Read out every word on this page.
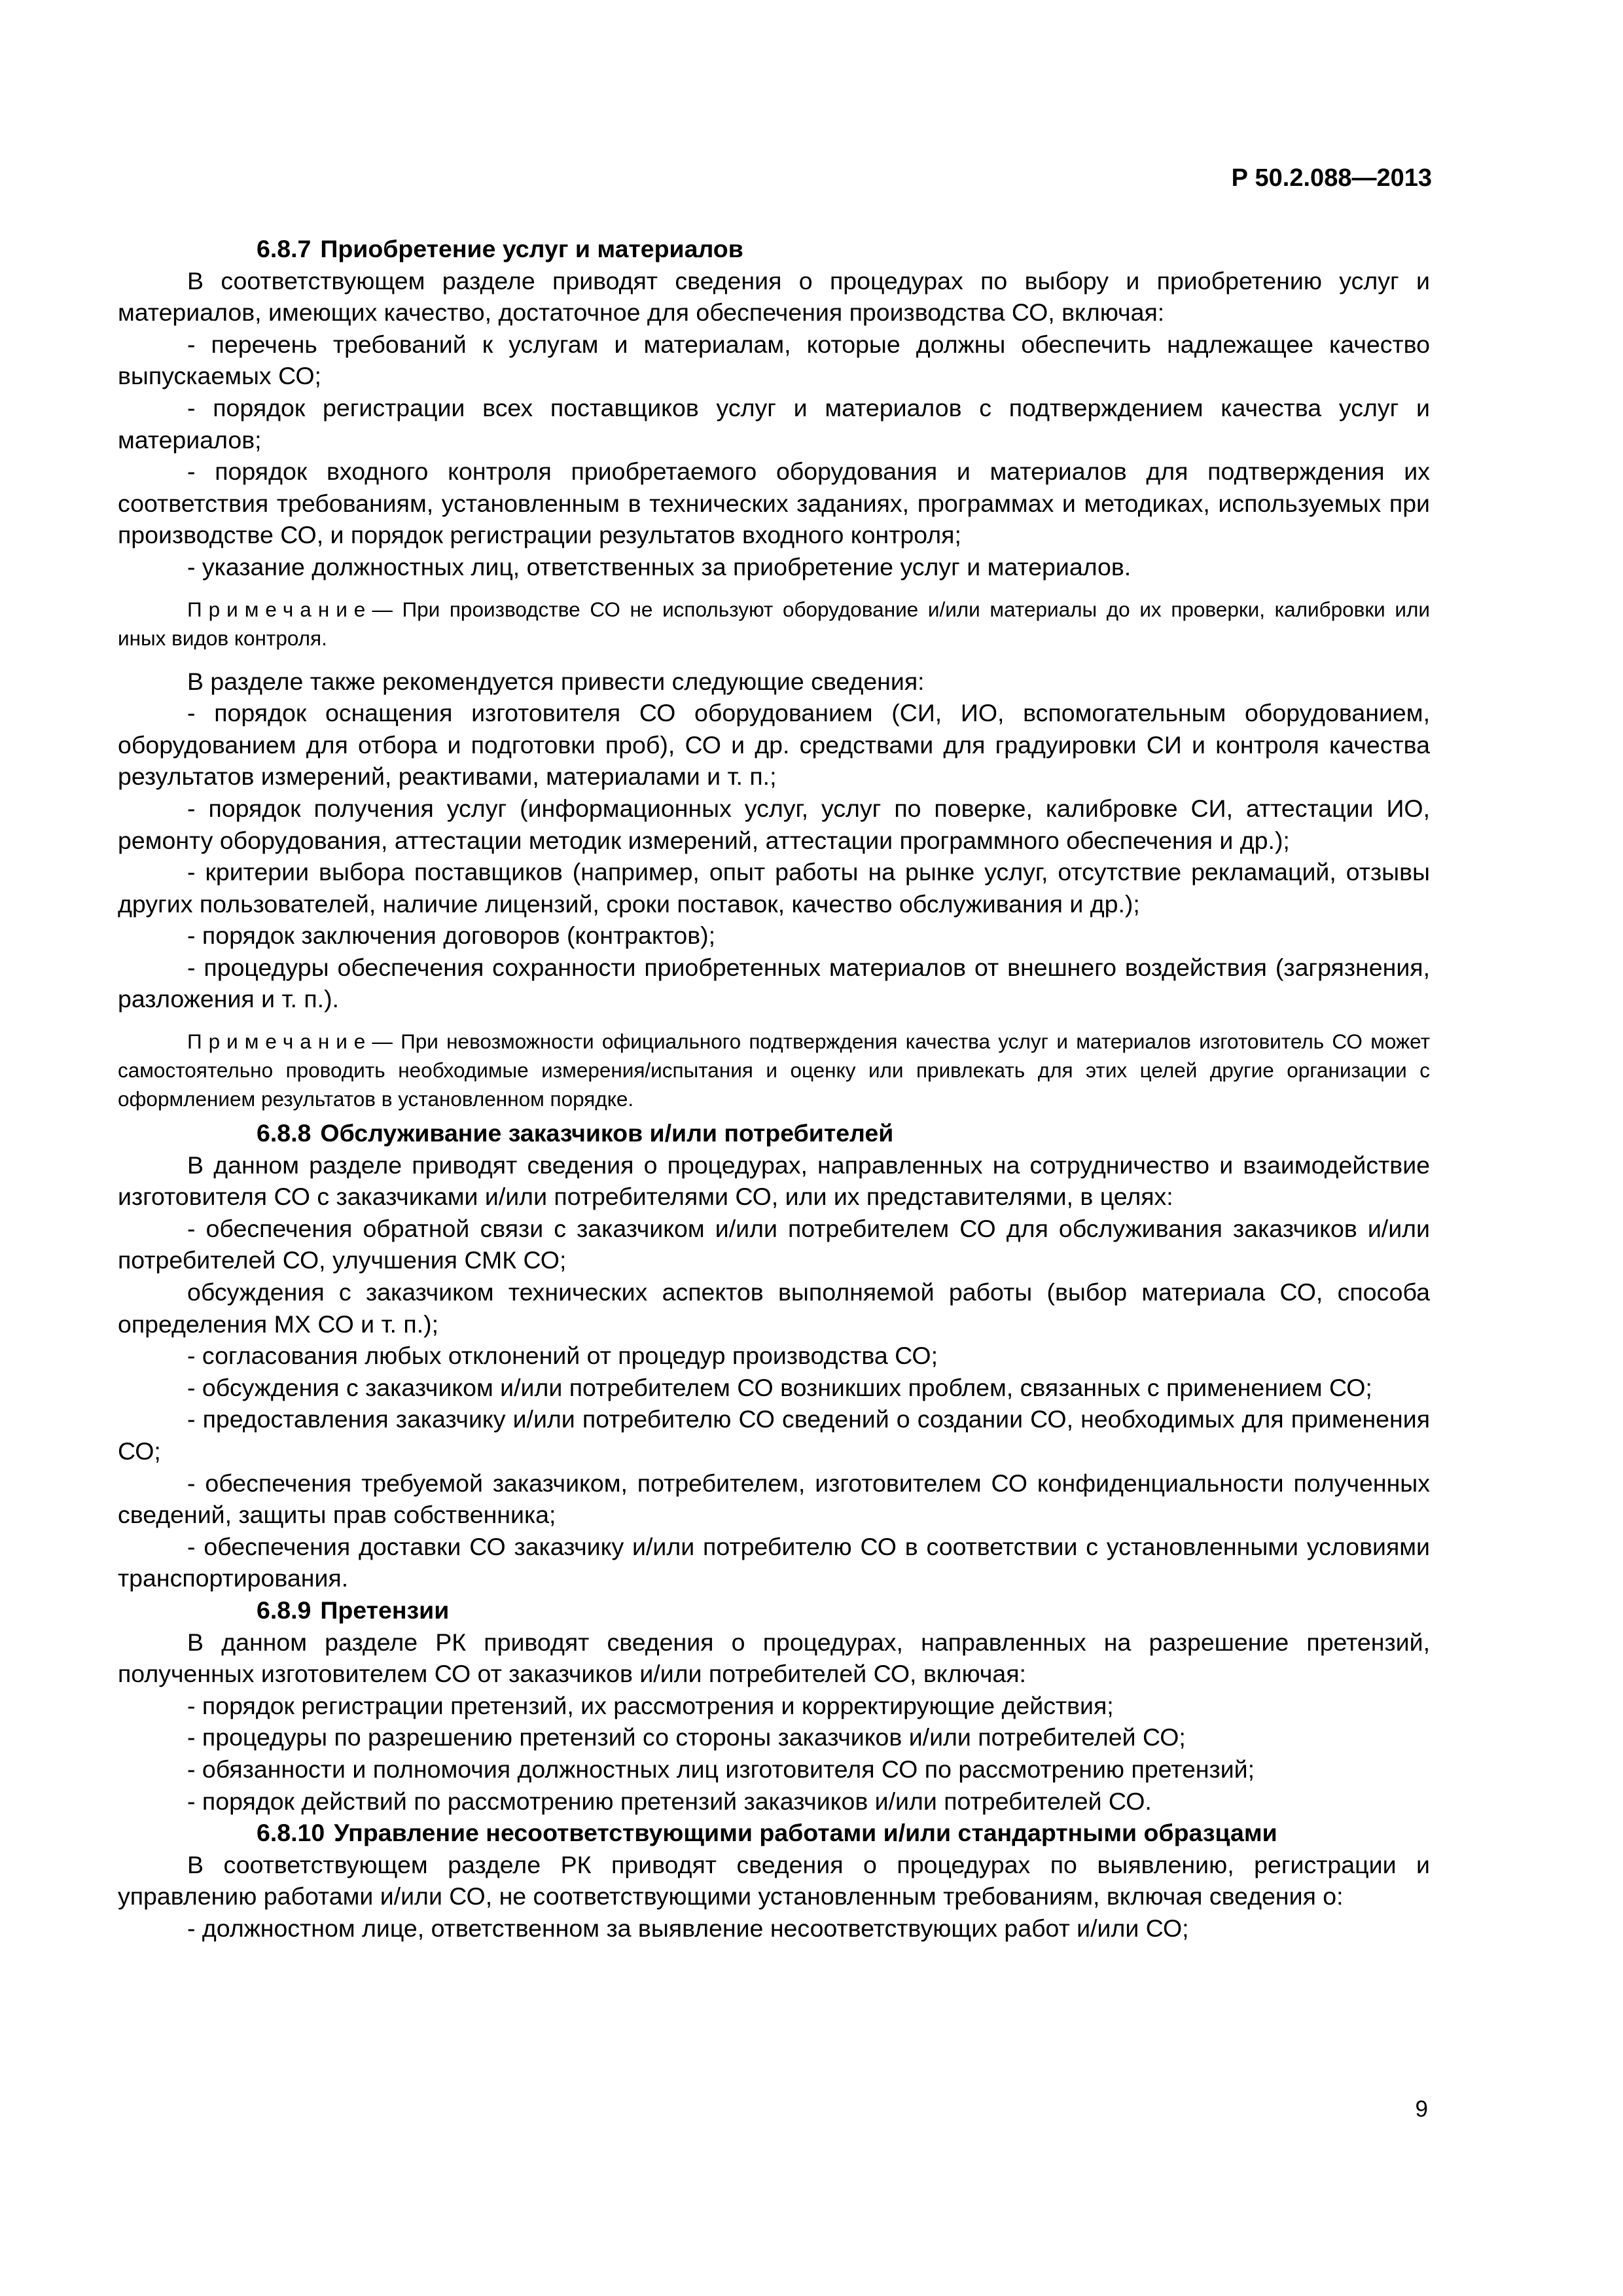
Р 50.2.088—2013
6.8.7 Приобретение услуг и материалов

В соответствующем разделе приводят сведения о процедурах по выбору и приобретению услуг и материалов, имеющих качество, достаточное для обеспечения производства СО, включая:

- перечень требований к услугам и материалам, которые должны обеспечить надлежащее качество выпускаемых СО;

- порядок регистрации всех поставщиков услуг и материалов с подтверждением качества услуг и материалов;

- порядок входного контроля приобретаемого оборудования и материалов для подтверждения их соответствия требованиям, установленным в технических заданиях, программах и методиках, используемых при производстве СО, и порядок регистрации результатов входного контроля;

- указание должностных лиц, ответственных за приобретение услуг и материалов.

Примечание— При производстве СО не используют оборудование и/или материалы до их проверки, калибровки или иных видов контроля.

В разделе также рекомендуется привести следующие сведения:

- порядок оснащения изготовителя СО оборудованием (СИ, ИО, вспомогательным оборудованием, оборудованием для отбора и подготовки проб), СО и др. средствами для градуировки СИ и контроля качества результатов измерений, реактивами, материалами и т. п.;

- порядок получения услуг (информационных услуг, услуг по поверке, калибровке СИ, аттестации ИО, ремонту оборудования, аттестации методик измерений, аттестации программного обеспечения и др.);

- критерии выбора поставщиков (например, опыт работы на рынке услуг, отсутствие рекламаций, отзывы других пользователей, наличие лицензий, сроки поставок, качество обслуживания и др.);

- порядок заключения договоров (контрактов);

- процедуры обеспечения сохранности приобретенных материалов от внешнего воздействия (загрязнения, разложения и т. п.).

Примечание— При невозможности официального подтверждения качества услуг и материалов изготовитель СО может самостоятельно проводить необходимые измерения/испытания и оценку или привлекать для этих целей другие организации с оформлением результатов в установленном порядке.

6.8.8 Обслуживание заказчиков и/или потребителей

В данном разделе приводят сведения о процедурах, направленных на сотрудничество и взаимодействие изготовителя СО с заказчиками и/или потребителями СО, или их представителями, в целях:

- обеспечения обратной связи с заказчиком и/или потребителем СО для обслуживания заказчиков и/или потребителей СО, улучшения СМК СО;

обсуждения с заказчиком технических аспектов выполняемой работы (выбор материала СО, способа определения МХ СО и т. п.);

- согласования любых отклонений от процедур производства СО;

- обсуждения с заказчиком и/или потребителем СО возникших проблем, связанных с применением СО;

- предоставления заказчику и/или потребителю СО сведений о создании СО, необходимых для применения СО;

- обеспечения требуемой заказчиком, потребителем, изготовителем СО конфиденциальности полученных сведений, защиты прав собственника;

- обеспечения доставки СО заказчику и/или потребителю СО в соответствии с установленными условиями транспортирования.

6.8.9 Претензии

В данном разделе РК приводят сведения о процедурах, направленных на разрешение претензий, полученных изготовителем СО от заказчиков и/или потребителей СО, включая:

- порядок регистрации претензий, их рассмотрения и корректирующие действия;

- процедуры по разрешению претензий со стороны заказчиков и/или потребителей СО;

- обязанности и полномочия должностных лиц изготовителя СО по рассмотрению претензий;

- порядок действий по рассмотрению претензий заказчиков и/или потребителей СО.

6.8.10 Управление несоответствующими работами и/или стандартными образцами

В соответствующем разделе РК приводят сведения о процедурах по выявлению, регистрации и управлению работами и/или СО, не соответствующими установленным требованиям, включая сведения о:

- должностном лице, ответственном за выявление несоответствующих работ и/или СО;

9
